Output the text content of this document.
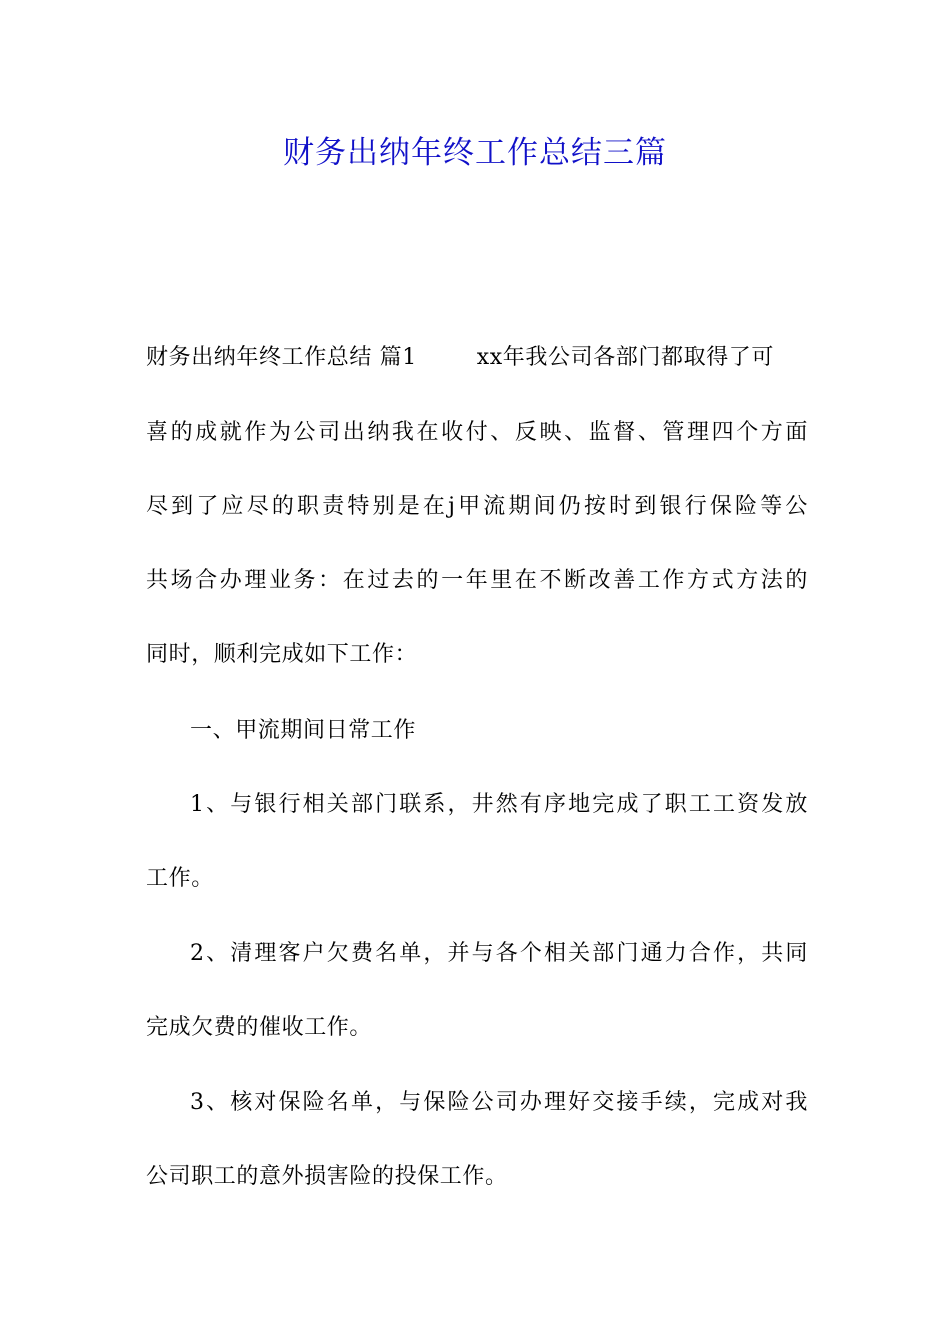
财务出纳年终工作总结三篇
财务出纳年终工作总结 篇1	xx年我公司各部门都取得了可
喜的成就作为公司出纳我在收付、反映、监督、管理四个方面
尽到了应尽的职责特别是在j甲流期间仍按时到银行保险等公
共场合办理业务：在过去的一年里在不断改善工作方式方法的
同时，顺利完成如下工作：
一、甲流期间日常工作
1、与银行相关部门联系，井然有序地完成了职工工资发放
工作。
2、清理客户欠费名单，并与各个相关部门通力合作，共同
完成欠费的催收工作。
3、核对保险名单，与保险公司办理好交接手续，完成对我
公司职工的意外损害险的投保工作。
